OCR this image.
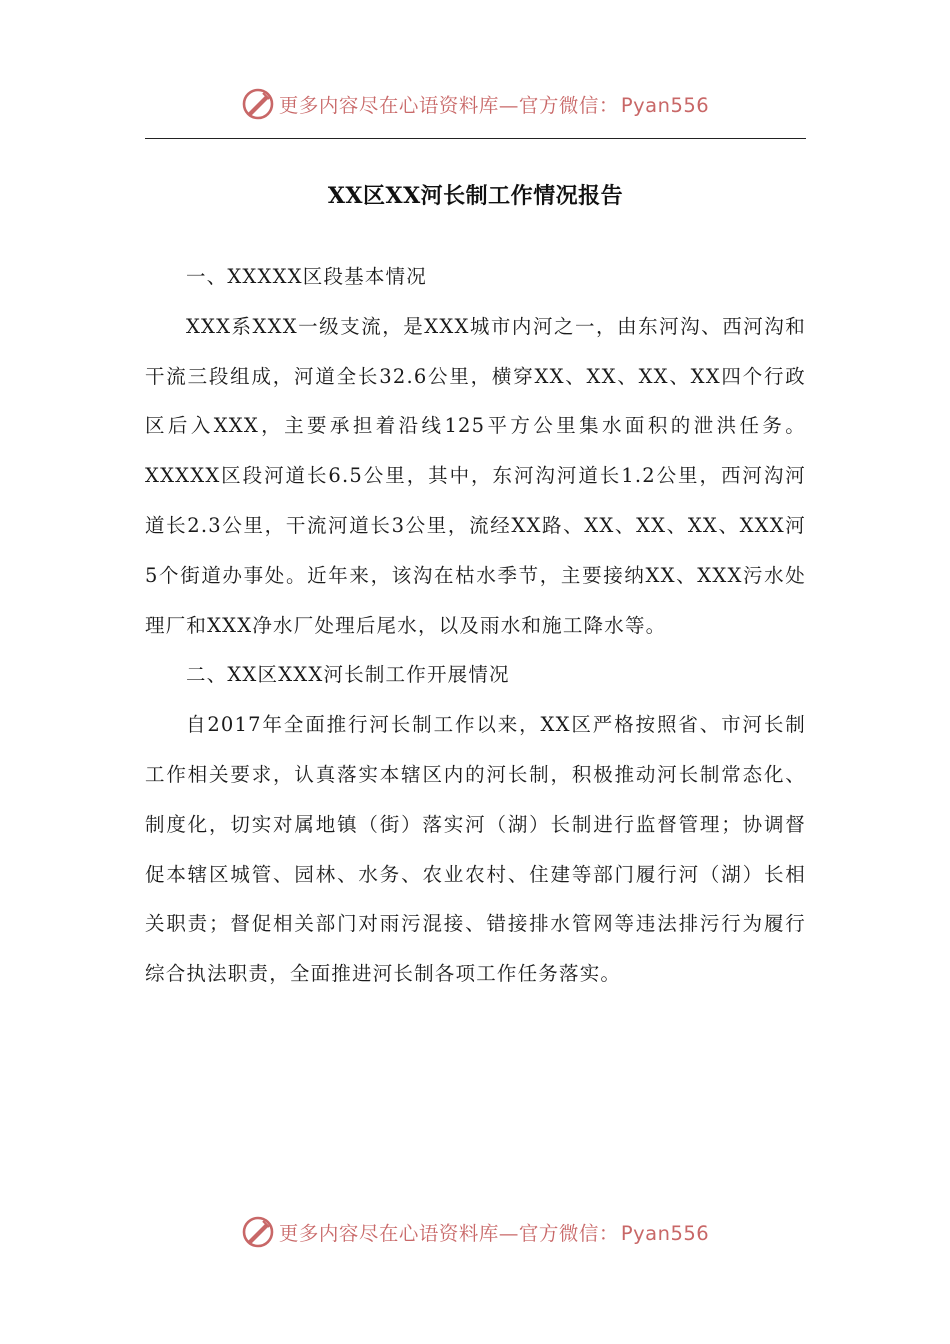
更多内容尽在心语资料库—官方微信： Pyan556
XX区XX河长制工作情况报告

一、XXXXX区段基本情况

XXX系XXX一级支流，是XXX城市内河之一，由东河沟、西河沟和干流三段组成，河道全长32.6公里，横穿XX、XX、XX、XX四个行政区后入XXX，主要承担着沿线125平方公里集水面积的泄洪任务。XXXXX区段河道长6.5公里，其中，东河沟河道长1.2公里，西河沟河道长2.3公里，干流河道长3公里，流经XX路、XX、XX、XX、XXX河5个街道办事处。近年来，该沟在枯水季节，主要接纳XX、XXX污水处理厂和XXX净水厂处理后尾水，以及雨水和施工降水等。

二、XX区XXX河长制工作开展情况

自2017年全面推行河长制工作以来，XX区严格按照省、市河长制工作相关要求，认真落实本辖区内的河长制，积极推动河长制常态化、制度化，切实对属地镇（街）落实河（湖）长制进行监督管理；协调督促本辖区城管、园林、水务、农业农村、住建等部门履行河（湖）长相关职责；督促相关部门对雨污混接、错接排水管网等违法排污行为履行综合执法职责，全面推进河长制各项工作任务落实。

更多内容尽在心语资料库—官方微信： Pyan556
